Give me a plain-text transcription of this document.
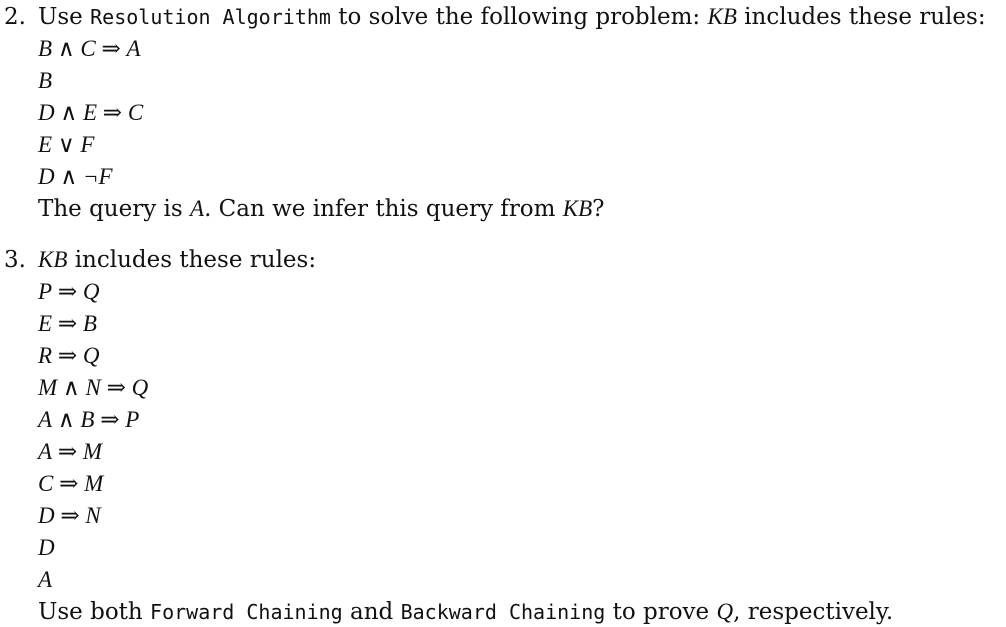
2. Use Resolution Algorithm to solve the following problem: KB includes these rules:
B ∧ C ⇒ A
B
D ∧ E ⇒ C
E ∨ F
D ∧ ¬F
The query is A. Can we infer this query from KB?
3. KB includes these rules:
P ⇒ Q
E ⇒ B
R ⇒ Q
M ∧ N ⇒ Q
A ∧ B ⇒ P
A ⇒ M
C ⇒ M
D ⇒ N
D
A
Use both Forward Chaining and Backward Chaining to prove Q, respectively.
